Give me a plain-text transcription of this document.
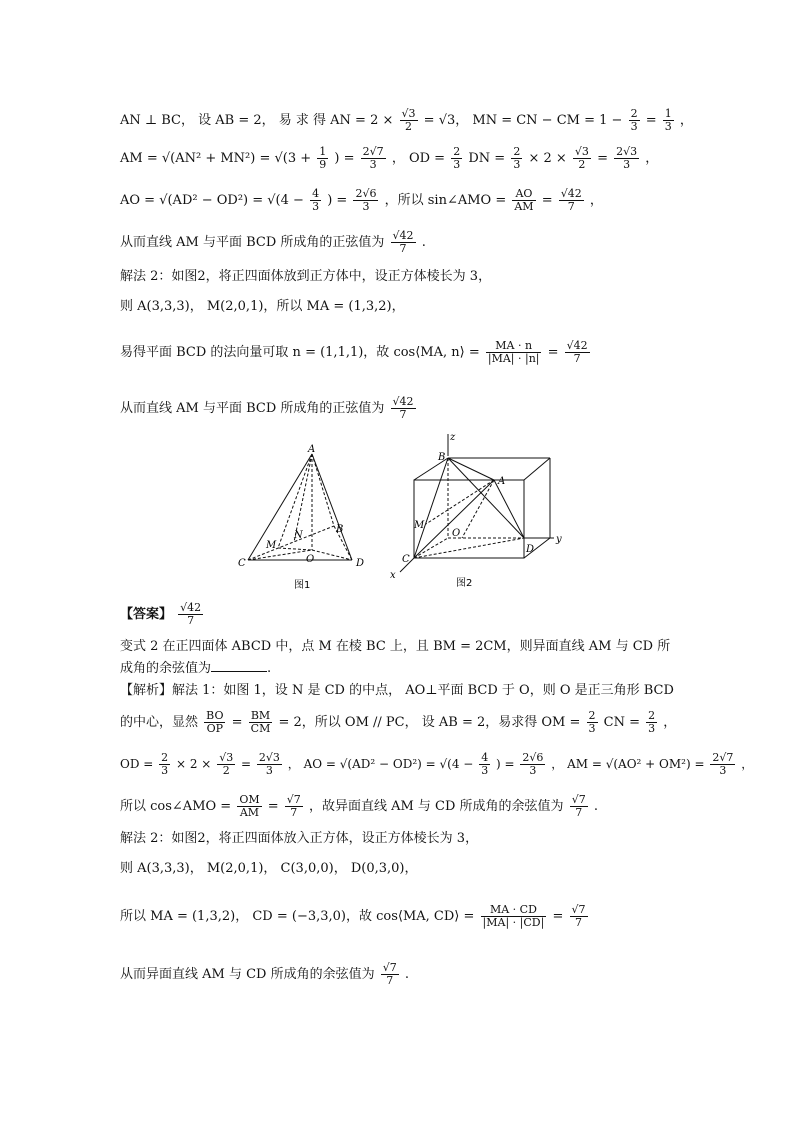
AN ⊥ BC， 设 AB = 2， 易 求 得 AN = $2 \times \frac{√3}{2} = √3$， MN = CN − CM = $1 - \frac{2}{3} = \frac{1}{3}$ ，
AM = $√(AN^2 + MN^2) = √(3 + \frac{1}{9}$ ) = $\frac{2√7}{3}$ ， OD = $\frac{2}{3}$ DN = $\frac{2}{3} \times 2 \times \frac{√3}{2} = \frac{2√3}{3}$ ，
AO = $√(AD^2 - OD^2) = √(4 - \frac{4}{3}$ ) = $\frac{2√6}{3}$ ，所以 sin∠AMO = $\frac{AO}{AM} = \frac{√42}{7}$ ，
从而直线 AM 与平面 BCD 所成角的正弦值为 $\frac{√42}{7}$ .
解法 2：如图2，将正四面体放到正方体中，设正方体棱长为 3，
则 A(3,3,3)， M(2,0,1)，所以 MA = (1,3,2)，
易得平面 BCD 的法向量可取 n = (1,1,1)，故 cos⟨MA, n⟩ = $\frac{MA \cdot n}{|MA| \cdot |n|} = \frac{√42}{7}$
从而直线 AM 与平面 BCD 所成角的正弦值为 $\frac{√42}{7}$
A
B
C	D
M
N
O
图1
z
y
x
A
B
C
D
M
O
图2
【答案】 $\frac{√42}{7}$
变式 2 在正四面体 ABCD 中，点 M 在棱 BC 上，且 BM = 2CM，则异面直线 AM 与 CD 所
成角的余弦值为	.
【解析】解法 1：如图 1，设 N 是 CD 的中点， AO⊥平面 BCD 于 O，则 O 是正三角形 BCD
的中心，显然 $\frac{BO}{OP} = \frac{BM}{CM} = 2$，所以 OM // PC， 设 AB = 2，易求得 OM = $\frac{2}{3}$ CN = $\frac{2}{3}$ ，
OD = $\frac{2}{3} \times 2 \times \frac{√3}{2} = \frac{2√3}{3}$ ， AO = $√(AD^2 - OD^2) = √(4 - \frac{4}{3}$ ) = $\frac{2√6}{3}$ ， AM = $√(AO^2 + OM^2) = \frac{2√7}{3}$ ，
所以 cos∠AMO = $\frac{OM}{AM} = \frac{√7}{7}$ ，故异面直线 AM 与 CD 所成角的余弦值为 $\frac{√7}{7}$ .
解法 2：如图2，将正四面体放入正方体，设正方体棱长为 3，
则 A(3,3,3)， M(2,0,1)， C(3,0,0)， D(0,3,0)，
所以 MA = (1,3,2)， CD = (−3,3,0)，故 cos⟨MA, CD⟩ = $\frac{MA \cdot CD}{|MA| \cdot |CD|} = \frac{√7}{7}$
从而异面直线 AM 与 CD 所成角的余弦值为 $\frac{√7}{7}$ .
